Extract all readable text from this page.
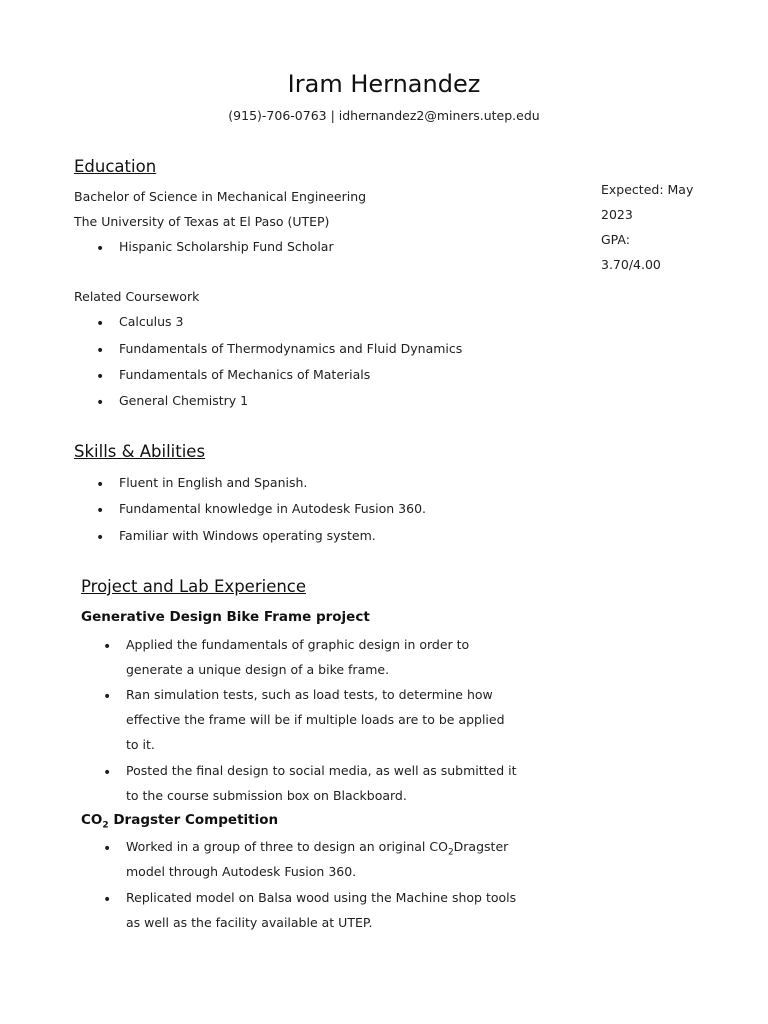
Iram Hernandez
(915)-706-0763 | idhernandez2@miners.utep.edu
Education
Bachelor of Science in Mechanical Engineering
The University of Texas at El Paso (UTEP)
• Hispanic Scholarship Fund Scholar
Expected: May
2023
GPA:
3.70/4.00
Related Coursework
• Calculus 3
• Fundamentals of Thermodynamics and Fluid Dynamics
• Fundamentals of Mechanics of Materials
• General Chemistry 1
Skills & Abilities
• Fluent in English and Spanish.
• Fundamental knowledge in Autodesk Fusion 360.
• Familiar with Windows operating system.
Project and Lab Experience
Generative Design Bike Frame project
• Applied the fundamentals of graphic design in order to
generate a unique design of a bike frame.
• Ran simulation tests, such as load tests, to determine how
effective the frame will be if multiple loads are to be applied
to it.
• Posted the final design to social media, as well as submitted it
to the course submission box on Blackboard.
$CO_2$ Dragster Competition
• Worked in a group of three to design an original $CO_2Dragster$
model through Autodesk Fusion 360.
• Replicated model on Balsa wood using the Machine shop tools
as well as the facility available at UTEP.
